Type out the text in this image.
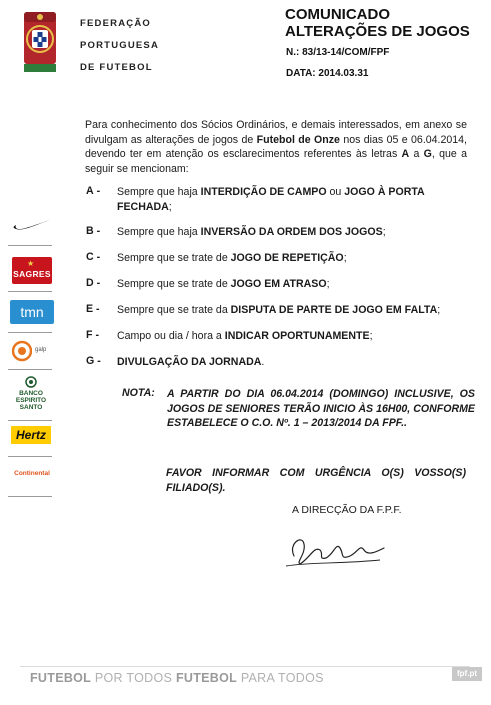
FEDERAÇÃO
PORTUGUESA
DE FUTEBOL
COMUNICADO
ALTERAÇÕES DE JOGOS
N.: 83/13-14/COM/FPF
DATA: 2014.03.31
★
SAGRES
tmn
galp
BANCO
ESPIRITO
SANTO
Hertz
Continental
Para conhecimento dos Sócios Ordinários, e demais interessados, em anexo se divulgam as alterações de jogos de Futebol de Onze nos dias 05 e 06.04.2014, devendo ter em atenção os esclarecimentos referentes às letras A a G, que a seguir se mencionam:
A - Sempre que haja INTERDIÇÃO DE CAMPO ou JOGO À PORTA FECHADA;
B - Sempre que haja INVERSÃO DA ORDEM DOS JOGOS;
C - Sempre que se trate de JOGO DE REPETIÇÃO;
D - Sempre que se trate de JOGO EM ATRASO;
E - Sempre que se trate da DISPUTA DE PARTE DE JOGO EM FALTA;
F - Campo ou dia / hora a INDICAR OPORTUNAMENTE;
G - DIVULGAÇÃO DA JORNADA.
NOTA: A PARTIR DO DIA 06.04.2014 (DOMINGO) INCLUSIVE, OS JOGOS DE SENIORES TERÃO INICIO ÀS 16H00, CONFORME ESTABELECE O C.O. Nº. 1 – 2013/2014 DA FPF..
FAVOR INFORMAR COM URGÊNCIA O(S) VOSSO(S) FILIADO(S).
A DIRECÇÃO DA F.P.F.
FUTEBOL POR TODOS FUTEBOL PARA TODOS	fpf.pt
